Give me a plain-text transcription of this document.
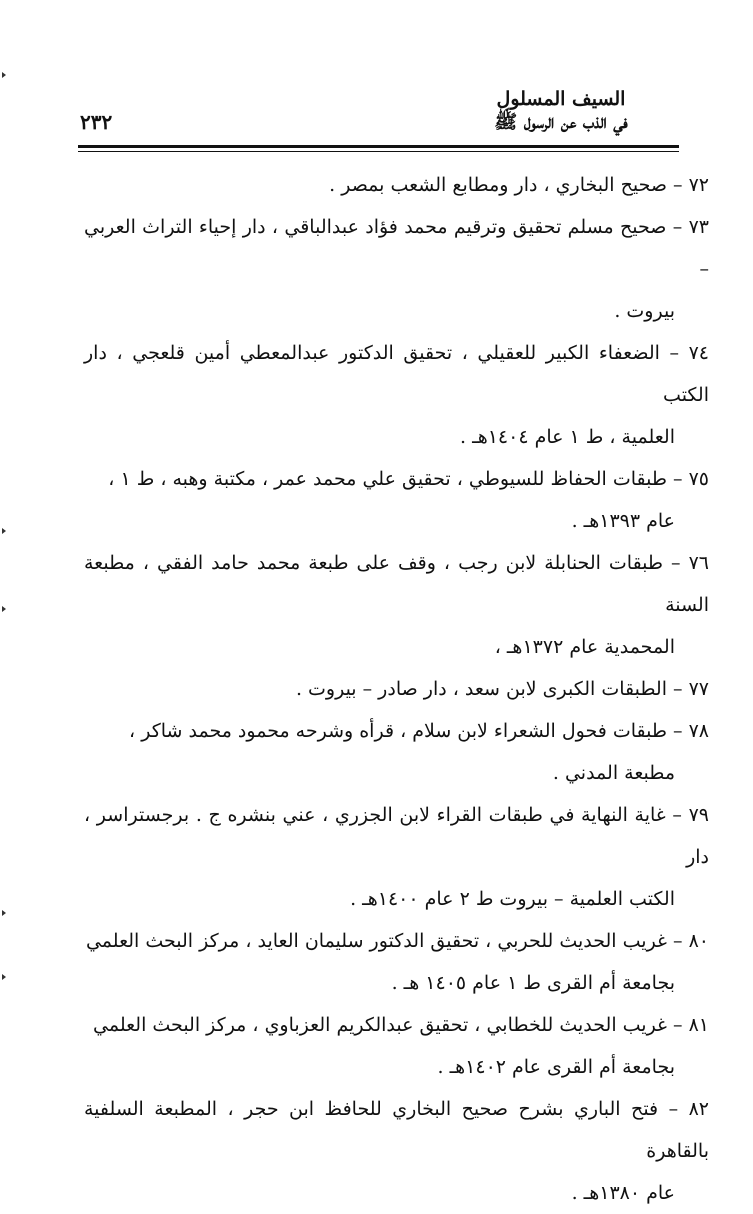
السيف المسلول
في الذب عن الرسول ﷺ
٢٣٢

٧٢ – صحيح البخاري ، دار ومطابع الشعب بمصر .

٧٣ – صحيح مسلم تحقيق وترقيم محمد فؤاد عبدالباقي ، دار إحياء التراث العربي –
بيروت .

٧٤ – الضعفاء الكبير للعقيلي ، تحقيق الدكتور عبدالمعطي أمين قلعجي ، دار الكتب
العلمية ، ط ١ عام ١٤٠٤هـ .

٧٥ – طبقات الحفاظ للسيوطي ، تحقيق علي محمد عمر ، مكتبة وهبه ، ط ١ ،
عام ١٣٩٣هـ .

٧٦ – طبقات الحنابلة لابن رجب ، وقف على طبعة محمد حامد الفقي ، مطبعة السنة
المحمدية عام ١٣٧٢هـ ،

٧٧ – الطبقات الكبرى لابن سعد ، دار صادر – بيروت .

٧٨ – طبقات فحول الشعراء لابن سلام ، قرأه وشرحه محمود محمد شاكر ،
مطبعة المدني .

٧٩ – غاية النهاية في طبقات القراء لابن الجزري ، عني بنشره ج . برجستراسر ، دار
الكتب العلمية – بيروت ط ٢ عام ١٤٠٠هـ .

٨٠ – غريب الحديث للحربي ، تحقيق الدكتور سليمان العايد ، مركز البحث العلمي
بجامعة أم القرى ط ١ عام ١٤٠٥ هـ .

٨١ – غريب الحديث للخطابي ، تحقيق عبدالكريم العزباوي ، مركز البحث العلمي
بجامعة أم القرى عام ١٤٠٢هـ .

٨٢ – فتح الباري بشرح صحيح البخاري للحافظ ابن حجر ، المطبعة السلفية بالقاهرة
عام ١٣٨٠هـ .
